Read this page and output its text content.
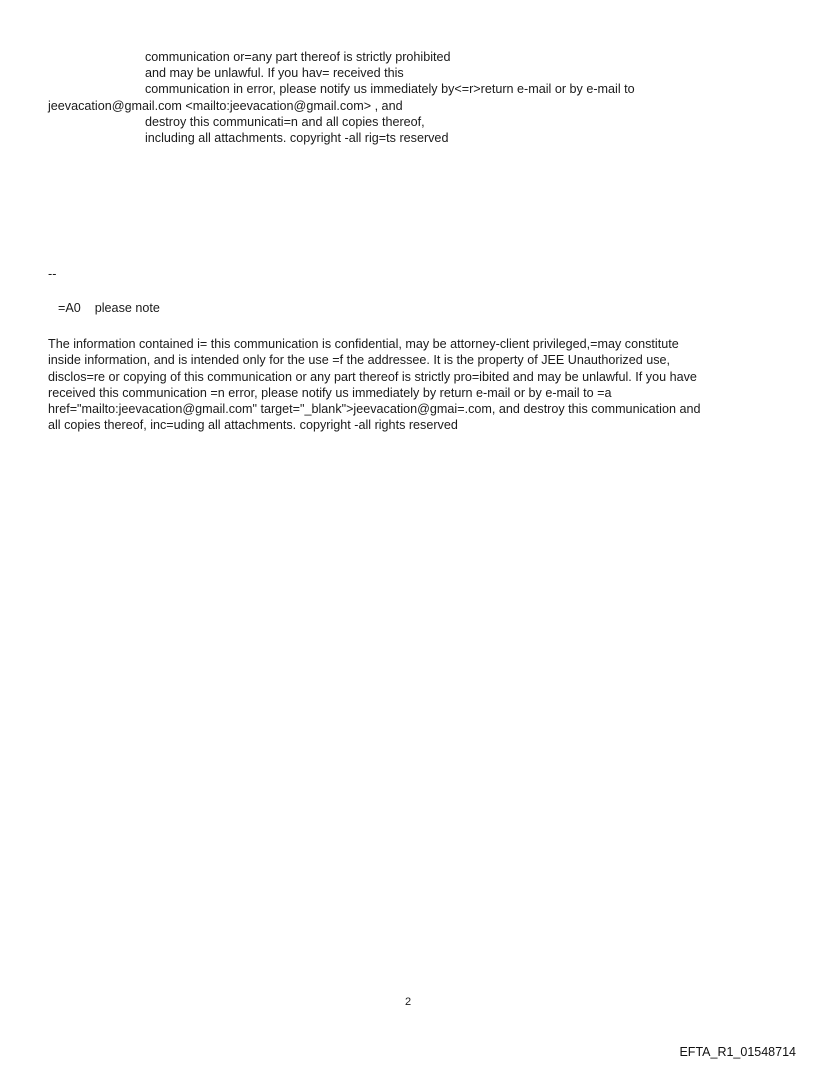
communication or=any part thereof is strictly prohibited

and may be unlawful. If you hav= received this

communication in error, please notify us immediately by<=r>return e-mail or by e-mail to

jeevacation@gmail.com <mailto:jeevacation@gmail.com> , and

destroy this communicati=n and all copies thereof,

including all attachments. copyright -all rig=ts reserved

--
=A0    please note

The information contained i= this communication is confidential, may be attorney-client privileged,=may constitute

inside information, and is intended only for the use =f the addressee. It is the property of JEE Unauthorized use,

disclos=re or copying of this communication or any part thereof is strictly pro=ibited and may be unlawful. If you have

received this communication =n error, please notify us immediately by return e-mail or by e-mail to =a

href="mailto:jeevacation@gmail.com" target="_blank">jeevacation@gmai=.com, and destroy this communication and

all copies thereof, inc=uding all attachments. copyright -all rights reserved

2
EFTA_R1_01548714
